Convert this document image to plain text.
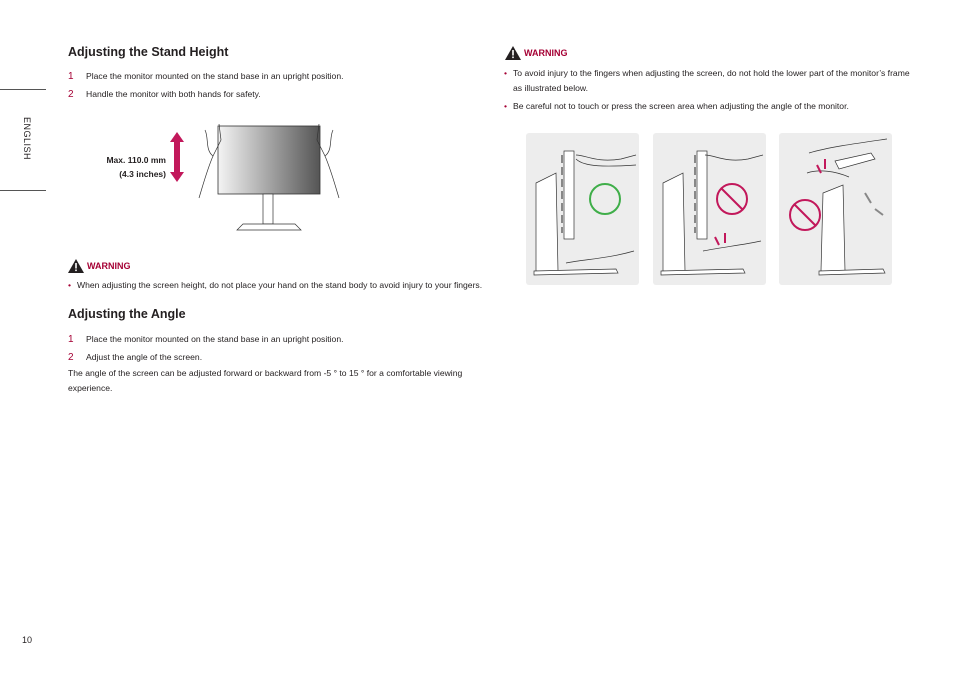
ENGLISH
Adjusting the Stand Height
1	Place the monitor mounted on the stand base in an upright position.
2	Handle the monitor with both hands for safety.
Max. 110.0 mm
(4.3 inches)
WARNING
• When adjusting the screen height, do not place your hand on the stand body to avoid injury to your fingers.
Adjusting the Angle
1	Place the monitor mounted on the stand base in an upright position.
2	Adjust the angle of the screen.
The angle of the screen can be adjusted forward or backward from -5 ° to 15 ° for a comfortable viewing
experience.
WARNING
• To avoid injury to the fingers when adjusting the screen, do not hold the lower part of the monitor’s frame
as illustrated below.
• Be careful not to touch or press the screen area when adjusting the angle of the monitor.
10
